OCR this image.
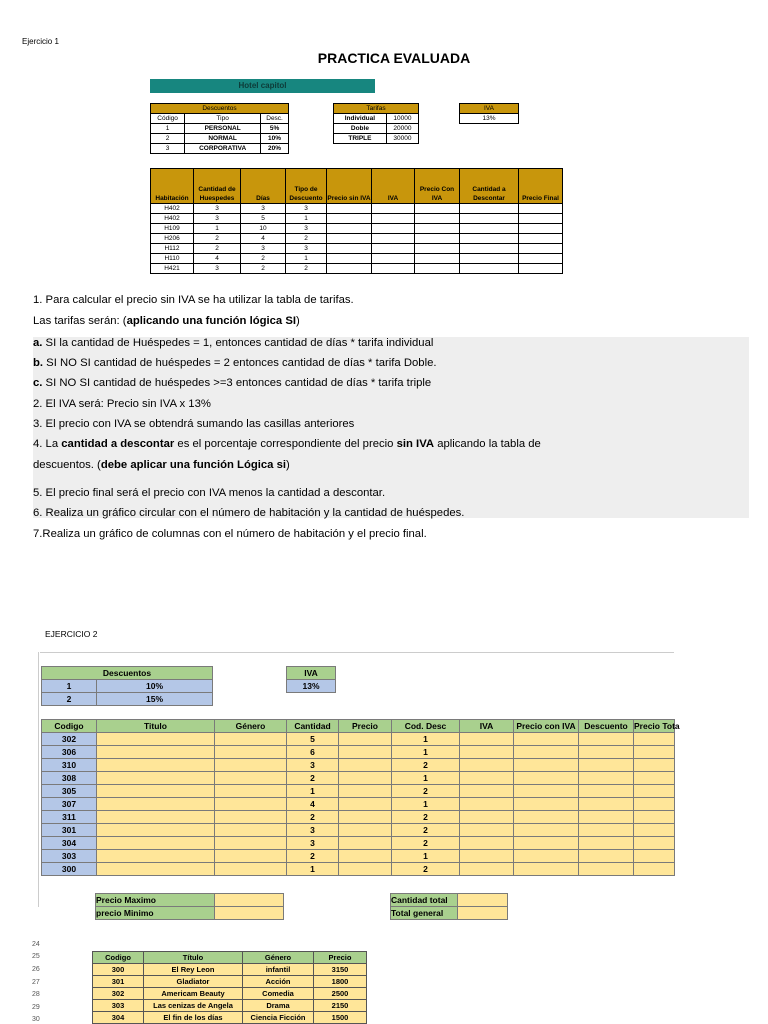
Ejercicio 1
PRACTICA EVALUADA
Hotel capitol
Descuentos		
Código	Tipo	Desc.
1	PERSONAL	5%
2	NORMAL	10%
3	CORPORATIVA	20%
Tarifas	
Individual	10000
Doble	20000
TRIPLE	30000
IVA
13%
Habitación	Cantidad de Huespedes	Días	Tipo de Descuento	Precio sin IVA	IVA	Precio Con IVA	Cantidad a Descontar	Precio Final
H402	3	3	3					
H402	3	5	1					
H109	1	10	3					
H206	2	4	2					
H112	2	3	3					
H110	4	2	1					
H421	3	2	2					
1. Para calcular el precio sin IVA se ha utilizar la tabla de tarifas.
Las tarifas serán: (aplicando una función lógica SI)
a. SI la cantidad de Huéspedes = 1, entonces cantidad de días * tarifa individual
b. SI NO SI cantidad de huéspedes = 2 entonces cantidad de días * tarifa Doble.
c. SI NO SI cantidad de huéspedes >=3 entonces cantidad de días * tarifa triple
2. El IVA será: Precio sin IVA x 13%
3. El precio con IVA se obtendrá sumando las casillas anteriores
4. La cantidad a descontar es el porcentaje correspondiente del precio sin IVA aplicando la tabla de
descuentos. (debe aplicar una función Lógica si)
5. El precio final será el precio con IVA menos la cantidad a descontar.
6. Realiza un gráfico circular con el número de habitación y la cantidad de huéspedes.
7.Realiza un gráfico de columnas con el número de habitación y el precio final.
EJERCICIO 2
Descuentos	
1	10%
2	15%
IVA
13%
Codigo	Titulo	Género	Cantidad	Precio	Cod. Desc	IVA	Precio con IVA	Descuento	Precio Tota
302			5		1				
306			6		1				
310			3		2				
308			2		1				
305			1		2				
307			4		1				
311			2		2				
301			3		2				
304			3		2				
303			2		1				
300			1		2				
Precio Maximo	
precio Minimo	
Cantidad total	
Total general	
24
25
26
27
28
29
30
Codigo	Título	Género	Precio
300	El Rey Leon	infantil	3150
301	Gladiator	Acción	1800
302	Americam Beauty	Comedia	2500
303	Las cenizas de Angela	Drama	2150
304	El fin de los días	Ciencia Ficción	1500
